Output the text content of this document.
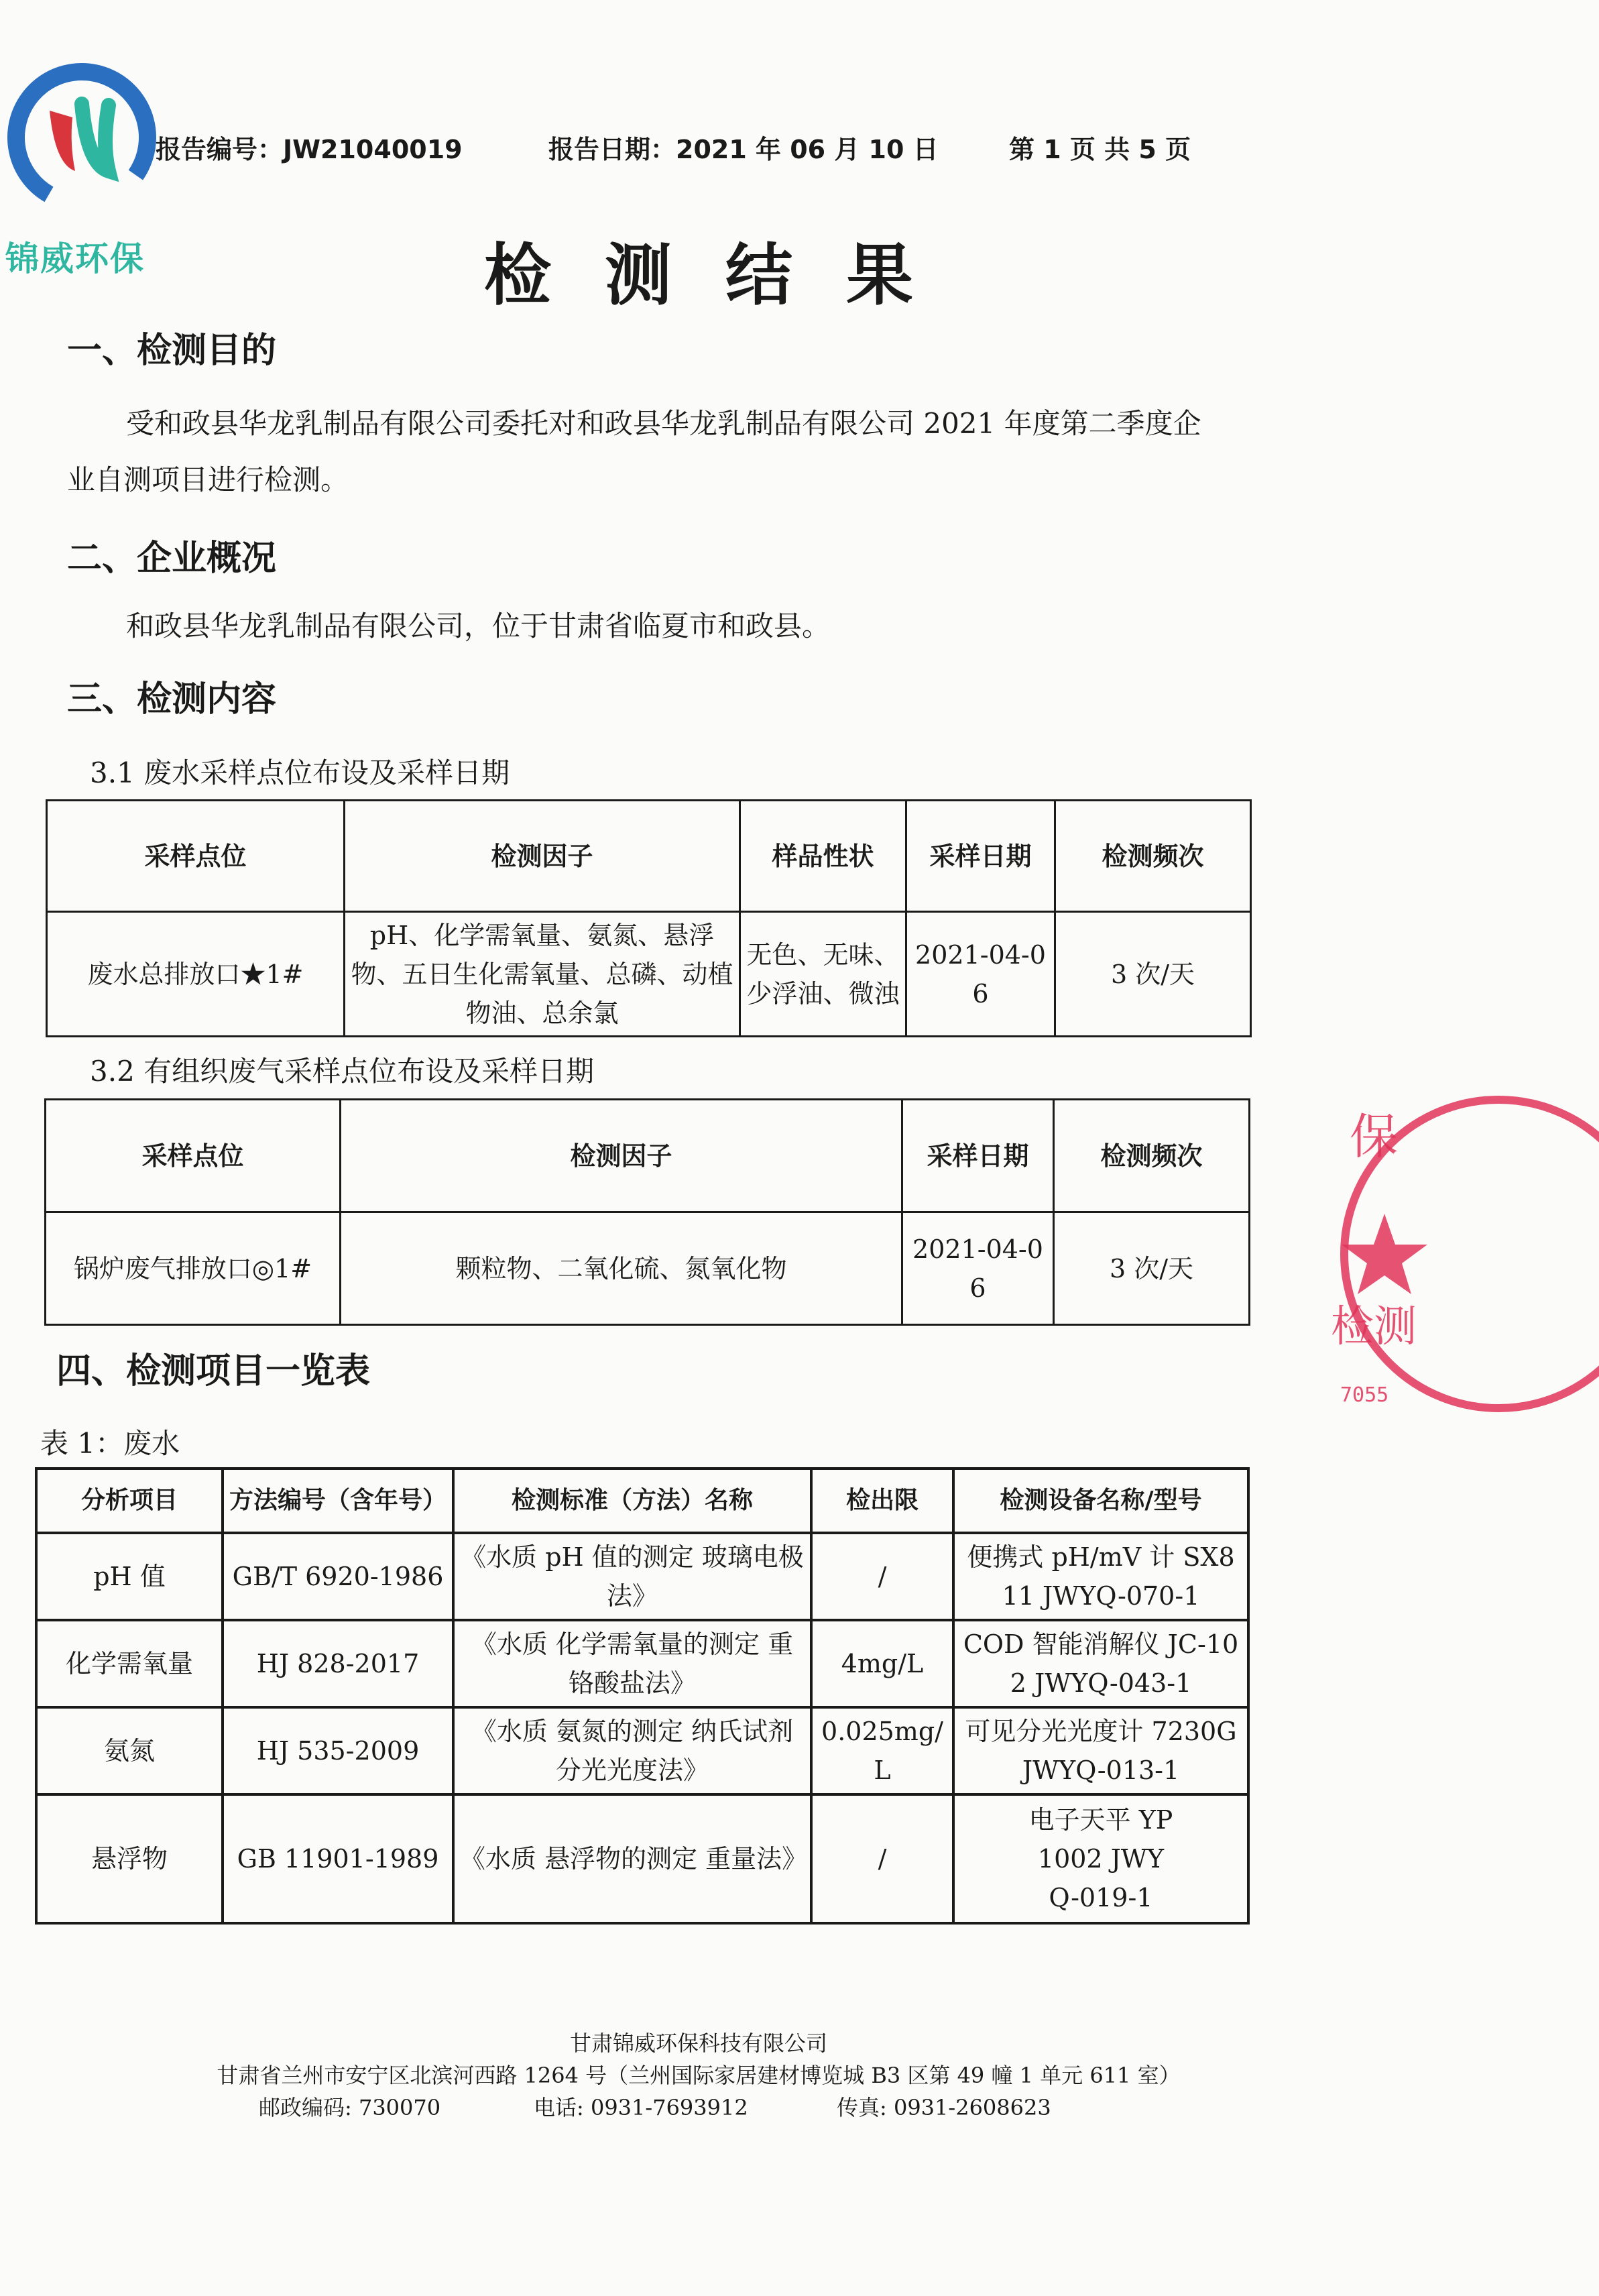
锦威环保
报告编号：JW21040019	报告日期：2021 年 06 月 10 日	第 1 页 共 5 页
检测结果
一、检测目的
受和政县华龙乳制品有限公司委托对和政县华龙乳制品有限公司 2021 年度第二季度企
业自测项目进行检测。
二、企业概况
和政县华龙乳制品有限公司，位于甘肃省临夏市和政县。
三、检测内容
3.1 废水采样点位布设及采样日期
采样点位	检测因子	样品性状	采样日期	检测频次
废水总排放口★1#	pH、化学需氧量、氨氮、悬浮物、五日生化需氧量、总磷、动植物油、总余氯	无色、无味、少浮油、微浊	2021-04-06	3 次/天
3.2 有组织废气采样点位布设及采样日期
采样点位	检测因子	采样日期	检测频次
锅炉废气排放口◎1#	颗粒物、二氧化硫、氮氧化物	2021-04-06	3 次/天
四、检测项目一览表
表 1：废水
分析项目	方法编号（含年号）	检测标准（方法）名称	检出限	检测设备名称/型号
pH 值	GB/T 6920-1986	《水质 pH 值的测定 玻璃电极法》	/	便携式 pH/mV 计 SX811 JWYQ-070-1
化学需氧量	HJ 828-2017	《水质 化学需氧量的测定 重铬酸盐法》	4mg/L	COD 智能消解仪 JC-102 JWYQ-043-1
氨氮	HJ 535-2009	《水质 氨氮的测定 纳氏试剂分光光度法》	0.025mg/L	可见分光光度计 7230G JWYQ-013-1
悬浮物	GB 11901-1989	《水质 悬浮物的测定 重量法》	/	电子天平 YP1002 JWYQ-019-1
保
检测
7055
甘肃锦威环保科技有限公司
甘肃省兰州市安宁区北滨河西路 1264 号（兰州国际家居建材博览城 B3 区第 49 幢 1 单元 611 室）
邮政编码: 730070	电话: 0931-7693912	传真: 0931-2608623
